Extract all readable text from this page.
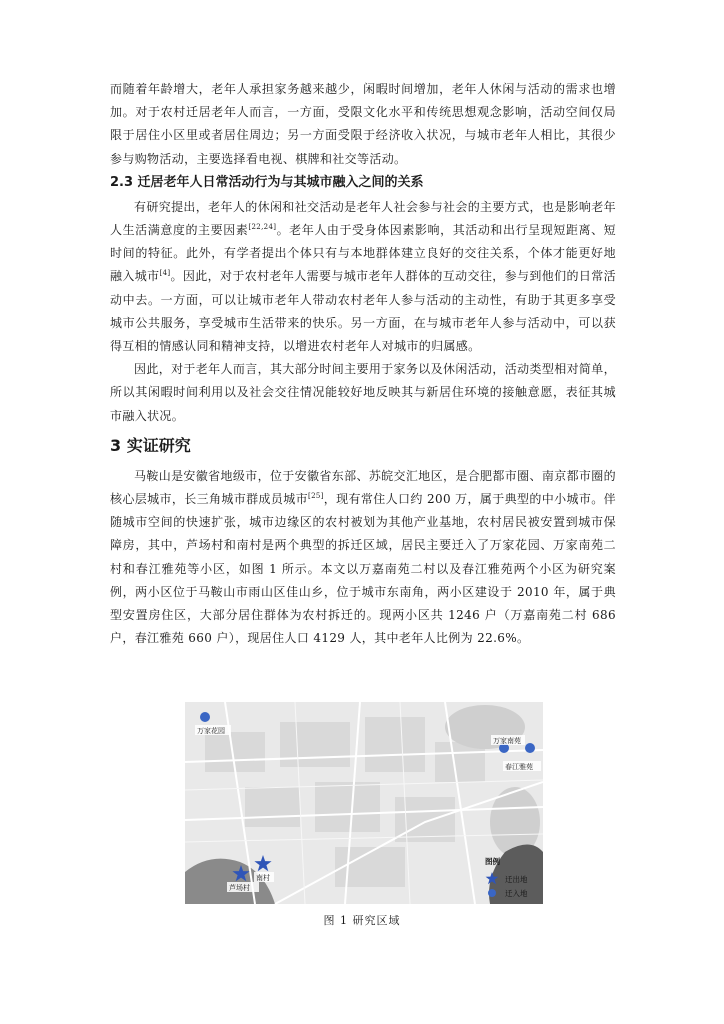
而随着年龄增大，老年人承担家务越来越少，闲暇时间增加，老年人休闲与活动的需求也增加。对于农村迁居老年人而言，一方面，受限文化水平和传统思想观念影响，活动空间仅局限于居住小区里或者居住周边；另一方面受限于经济收入状况，与城市老年人相比，其很少参与购物活动，主要选择看电视、棋牌和社交等活动。

2.3 迁居老年人日常活动行为与其城市融入之间的关系

有研究提出，老年人的休闲和社交活动是老年人社会参与社会的主要方式，也是影响老年人生活满意度的主要因素[22,24]。老年人由于受身体因素影响，其活动和出行呈现短距离、短时间的特征。此外，有学者提出个体只有与本地群体建立良好的交往关系，个体才能更好地融入城市[4]。因此，对于农村老年人需要与城市老年人群体的互动交往，参与到他们的日常活动中去。一方面，可以让城市老年人带动农村老年人参与活动的主动性，有助于其更多享受城市公共服务，享受城市生活带来的快乐。另一方面，在与城市老年人参与活动中，可以获得互相的情感认同和精神支持，以增进农村老年人对城市的归属感。

因此，对于老年人而言，其大部分时间主要用于家务以及休闲活动，活动类型相对简单，所以其闲暇时间利用以及社会交往情况能较好地反映其与新居住环境的接触意愿，表征其城市融入状况。

3 实证研究

马鞍山是安徽省地级市，位于安徽省东部、苏皖交汇地区，是合肥都市圈、南京都市圈的核心层城市，长三角城市群成员城市[25]，现有常住人口约 200 万，属于典型的中小城市。伴随城市空间的快速扩张，城市边缘区的农村被划为其他产业基地，农村居民被安置到城市保障房，其中，芦场村和南村是两个典型的拆迁区域，居民主要迁入了万家花园、万家南苑二村和春江雅苑等小区，如图 1 所示。本文以万嘉南苑二村以及春江雅苑两个小区为研究案例，两小区位于马鞍山市雨山区佳山乡，位于城市东南角，两小区建设于 2010 年，属于典型安置房住区，大部分居住群体为农村拆迁的。现两小区共 1246 户（万嘉南苑二村 686 户，春江雅苑 660 户），现居住人口 4129 人，其中老年人比例为 22.6%。

万家花园
万家南苑
春江雅苑
南村
芦场村
图例
迁出地
迁入地
图 1 研究区域
